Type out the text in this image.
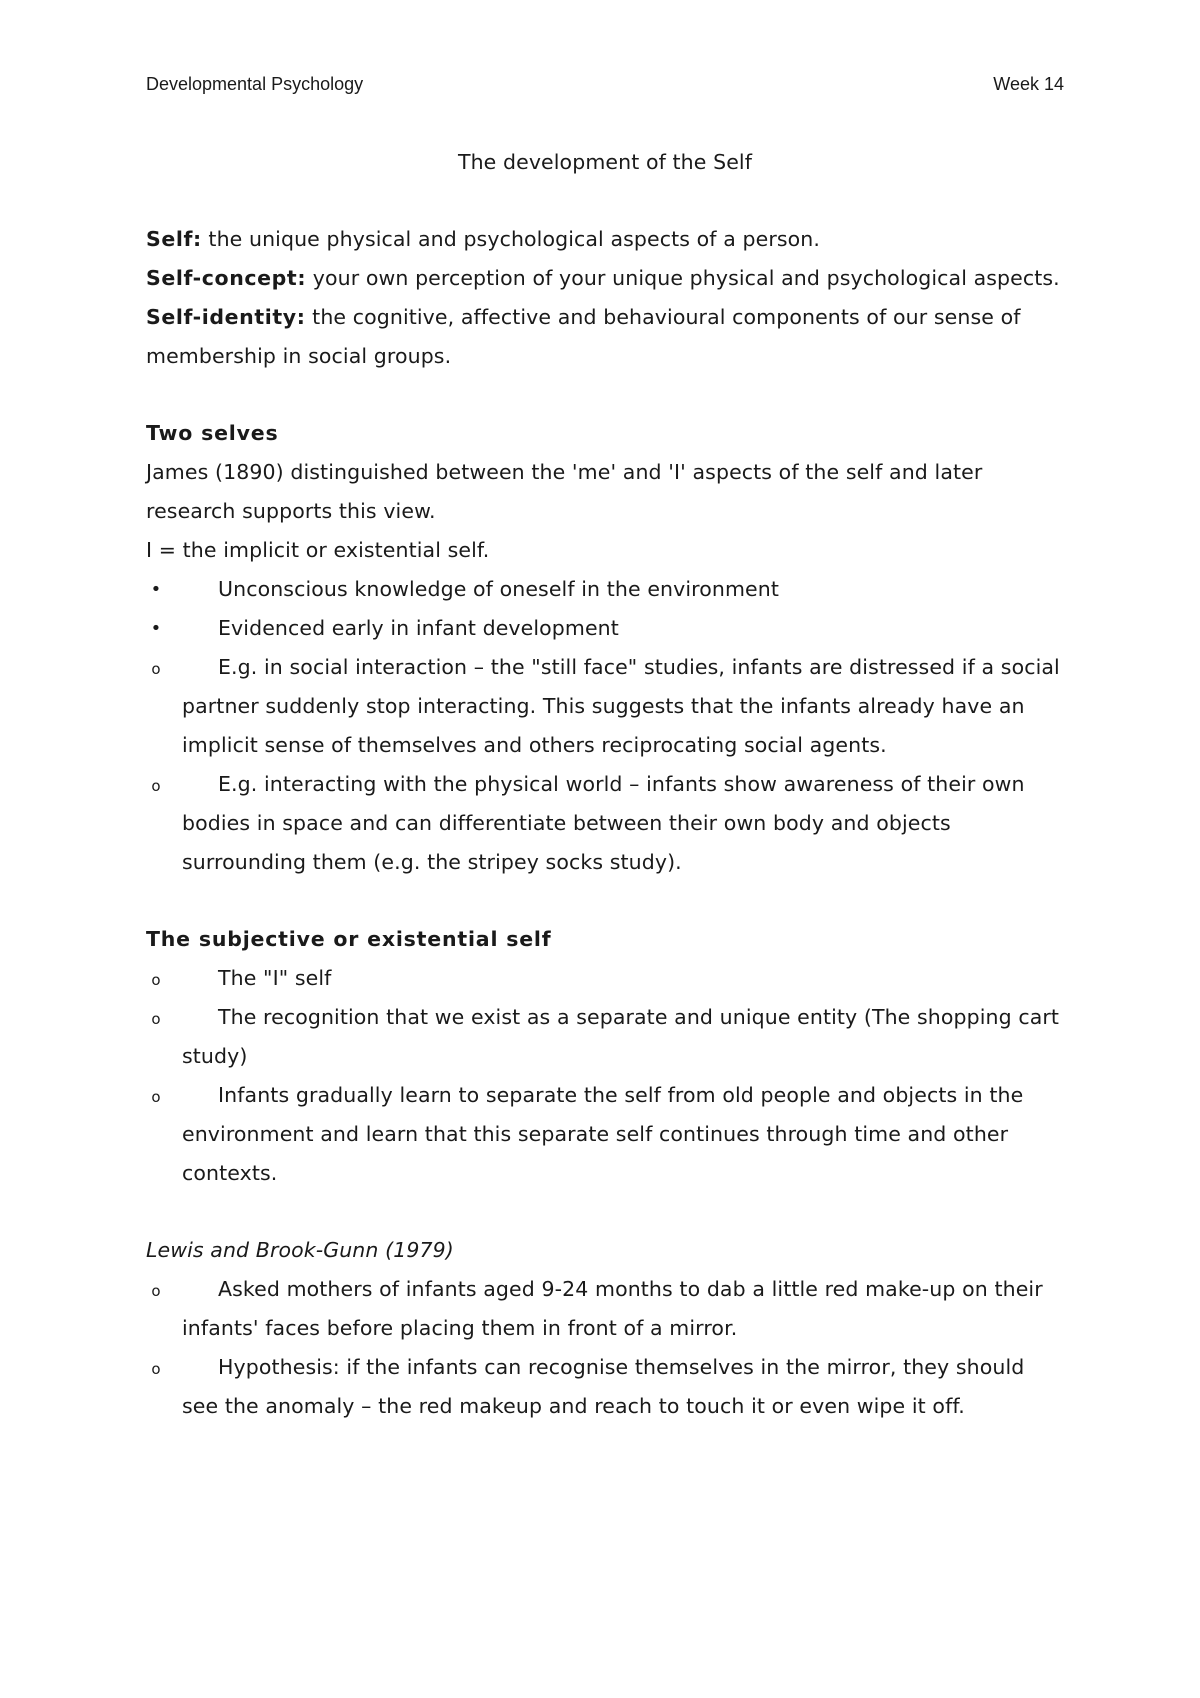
Developmental Psychology	Week 14

The development of the Self

Self: the unique physical and psychological aspects of a person.

Self-concept: your own perception of your unique physical and psychological aspects.

Self-identity: the cognitive, affective and behavioural components of our sense of membership in social groups.

Two selves

James (1890) distinguished between the 'me' and 'I' aspects of the self and later research supports this view.

I = the implicit or existential self.

•	Unconscious knowledge of oneself in the environment
•	Evidenced early in infant development
o	E.g. in social interaction – the "still face" studies, infants are distressed if a social partner suddenly stop interacting. This suggests that the infants already have an implicit sense of themselves and others reciprocating social agents.
o	E.g. interacting with the physical world – infants show awareness of their own bodies in space and can differentiate between their own body and objects surrounding them (e.g. the stripey socks study).

The subjective or existential self

o	The "I" self
o	The recognition that we exist as a separate and unique entity (The shopping cart study)
o	Infants gradually learn to separate the self from old people and objects in the environment and learn that this separate self continues through time and other contexts.

Lewis and Brook-Gunn (1979)

o	Asked mothers of infants aged 9-24 months to dab a little red make-up on their infants' faces before placing them in front of a mirror.
o	Hypothesis: if the infants can recognise themselves in the mirror, they should see the anomaly – the red makeup and reach to touch it or even wipe it off.
